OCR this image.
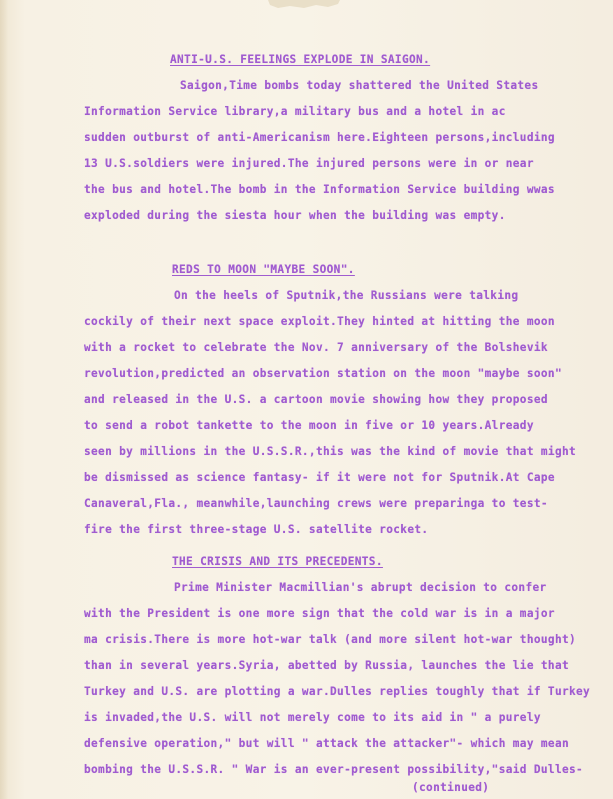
ANTI-U.S. FEELINGS EXPLODE IN SAIGON.
Saigon,Time bombs today shattered the United States
Information Service library,a military bus and a hotel in ac
sudden outburst of anti-Americanism here.Eighteen persons,including
13 U.S.soldiers were injured.The injured persons were in or near
the bus and hotel.The bomb in the Information Service building wwas
exploded during the siesta hour when the building was empty.
REDS TO MOON "MAYBE SOON".
On the heels of Sputnik,the Russians were talking
cockily of their next space exploit.They hinted at hitting the moon
with a rocket to celebrate the Nov. 7 anniversary of the Bolshevik
revolution,predicted an observation station on the moon "maybe soon"
and released in the U.S. a cartoon movie showing how they proposed
to send a robot tankette to the moon in five or 10 years.Already
seen by millions in the U.S.S.R.,this was the kind of movie that might
be dismissed as science fantasy- if it were not for Sputnik.At Cape
Canaveral,Fla., meanwhile,launching crews were preparinga to test-
fire the first three-stage U.S. satellite rocket.
THE CRISIS AND ITS PRECEDENTS.
Prime Minister Macmillian's abrupt decision to confer
with the President is one more sign that the cold war is in a major
ma crisis.There is more hot-war talk (and more silent hot-war thought)
than in several years.Syria, abetted by Russia, launches the lie that
Turkey and U.S. are plotting a war.Dulles replies toughly that if Turkey
is invaded,the U.S. will not merely come to its aid in " a purely
defensive operation," but will " attack the attacker"- which may mean
bombing the U.S.S.R. " War is an ever-present possibility,"said Dulles-
(continued)
